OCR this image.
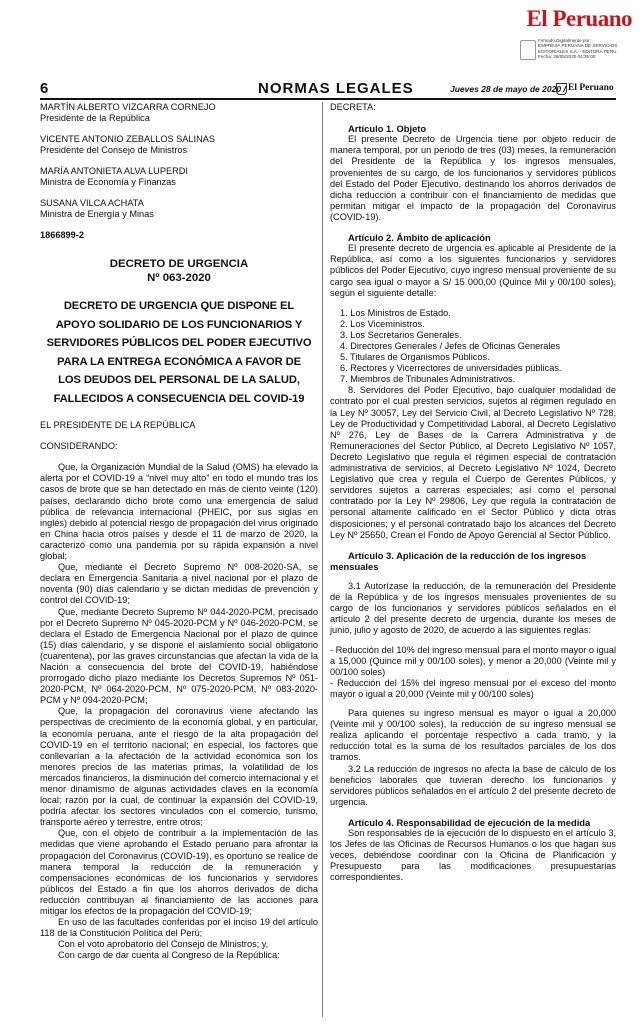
El Peruano
Firmado Digitalmente por:
EMPRESA PERUANA DE SERVICIOS
EDITORIALES S.A. - EDITORA PERU
Fecha: 28/05/2020 04:35:00
6	NORMAS LEGALES	Jueves 28 de mayo de 2020 / El Peruano

MARTÍN ALBERTO VIZCARRA CORNEJO

Presidente de la República

VICENTE ANTONIO ZEBALLOS SALINAS

Presidente del Consejo de Ministros

MARÍA ANTONIETA ALVA LUPERDI

Ministra de Economía y Finanzas

SUSANA VILCA ACHATA

Ministra de Energía y Minas

1866899-2

DECRETO DE URGENCIA

Nº 063-2020

DECRETO DE URGENCIA QUE DISPONE EL

APOYO SOLIDARIO DE LOS FUNCIONARIOS Y

SERVIDORES PÚBLICOS DEL PODER EJECUTIVO

PARA LA ENTREGA ECONÓMICA A FAVOR DE

LOS DEUDOS DEL PERSONAL DE LA SALUD,

FALLECIDOS A CONSECUENCIA DEL COVID-19

EL PRESIDENTE DE LA REPÚBLICA

CONSIDERANDO:

Que, la Organización Mundial de la Salud (OMS) ha elevado la alerta por el COVID-19 a “nivel muy alto” en todo el mundo tras los casos de brote que se han detectado en más de ciento veinte (120) países, declarando dicho brote como una emergencia de salud pública de relevancia internacional (PHEIC, por sus siglas en inglés) debido al potencial riesgo de propagación del virus originado en China hacia otros países y desde el 11 de marzo de 2020, la caracterizó como una pandemia por su rápida expansión a nivel global;

Que, mediante el Decreto Supremo Nº 008-2020-SA, se declara en Emergencia Sanitaria a nivel nacional por el plazo de noventa (90) días calendario y se dictan medidas de prevención y control del COVID-19;

Que, mediante Decreto Supremo Nº 044-2020-PCM, precisado por el Decreto Supremo Nº 045-2020-PCM y Nº 046-2020-PCM, se declara el Estado de Emergencia Nacional por el plazo de quince (15) días calendario, y se dispone el aislamiento social obligatorio (cuarentena), por las graves circunstancias que afectan la vida de la Nación a consecuencia del brote del COVID-19, habiéndose prorrogado dicho plazo mediante los Decretos Supremos Nº 051-2020-PCM, Nº 064-2020-PCM, Nº 075-2020-PCM, Nº 083-2020-PCM y Nº 094-2020-PCM;

Que, la propagación del coronavirus viene afectando las perspectivas de crecimiento de la economía global, y en particular, la economía peruana, ante el riesgo de la alta propagación del COVID-19 en el territorio nacional; en especial, los factores que conllevarían a la afectación de la actividad económica son los menores precios de las materias primas, la volatilidad de los mercados financieros, la disminución del comercio internacional y el menor dinamismo de algunas actividades claves en la economía local; razón por la cual, de continuar la expansión del COVID-19, podría afectar los sectores vinculados con el comercio, turismo, transporte aéreo y terrestre, entre otros;

Que, con el objeto de contribuir a la implementación de las medidas que viene aprobando el Estado peruano para afrontar la propagación del Coronavirus (COVID-19), es oportuno se realice de manera temporal la reducción de la remuneración y compensaciones económicas de los funcionarios y servidores públicos del Estado a fin que los ahorros derivados de dicha reducción contribuyan al financiamiento de las acciones para mitigar los efectos de la propagación del COVID-19;

En uso de las facultades conferidas por el inciso 19 del artículo 118 de la Constitución Política del Perú;

Con el voto aprobatorio del Consejo de Ministros; y,

Con cargo de dar cuenta al Congreso de la República:

DECRETA:

Artículo 1. Objeto

El presente Decreto de Urgencia tiene por objeto reducir de manera temporal, por un periodo de tres (03) meses, la remuneración del Presidente de la República y los ingresos mensuales, provenientes de su cargo, de los funcionarios y servidores públicos del Estado del Poder Ejecutivo, destinando los ahorros derivados de dicha reducción a contribuir con el financiamiento de medidas que permitan mitigar el impacto de la propagación del Coronavirus (COVID-19).

Artículo 2. Ámbito de aplicación

El presente decreto de urgencia es aplicable al Presidente de la República, así como a los siguientes funcionarios y servidores públicos del Poder Ejecutivo, cuyo ingreso mensual proveniente de su cargo sea igual o mayor a S/ 15 000,00 (Quince Mil y 00/100 soles), según el siguiente detalle:

1. Los Ministros de Estado.

2. Los Viceministros.

3. Los Secretarios Generales.

4. Directores Generales / Jefes de Oficinas Generales

5. Titulares de Organismos Públicos.

6. Rectores y Vicerrectores de universidades públicas.

7. Miembros de Tribunales Administrativos.

8. Servidores del Poder Ejecutivo, bajo cualquier modalidad de contrato por el cual presten servicios, sujetos al régimen regulado en la Ley Nº 30057, Ley del Servicio Civil, al Decreto Legislativo Nº 728, Ley de Productividad y Competitividad Laboral, al Decreto Legislativo Nº 276, Ley de Bases de la Carrera Administrativa y de Remuneraciones del Sector Público, al Decreto Legislativo Nº 1057, Decreto Legislativo que regula el régimen especial de contratación administrativa de servicios, al Decreto Legislativo Nº 1024, Decreto Legislativo que crea y regula el Cuerpo de Gerentes Públicos, y servidores sujetos a carreras especiales; así como el personal contratado por la Ley Nº 29806, Ley que regula la contratación de personal altamente calificado en el Sector Público y dicta otras disposiciones; y el personal contratado bajo los alcances del Decreto Ley Nº 25650, Crean el Fondo de Apoyo Gerencial al Sector Público.

Artículo 3. Aplicación de la reducción de los ingresos mensuales

3.1 Autorízase la reducción, de la remuneración del Presidente de la República y de los ingresos mensuales provenientes de su cargo de los funcionarios y servidores públicos señalados en el artículo 2 del presente decreto de urgencia, durante los meses de junio, julio y agosto de 2020, de acuerdo a las siguientes reglas:

- Reducción del 10% del ingreso mensual para el monto mayor o igual a 15,000 (Quince mil y 00/100 soles), y menor a 20,000 (Veinte mil y 00/100 soles)

- Reducción del 15% del ingreso mensual por el exceso del monto mayor o igual a 20,000 (Veinte mil y 00/100 soles)

Para quienes su ingreso mensual es mayor o igual a 20,000 (Veinte mil y 00/100 soles), la reducción de su ingreso mensual se realiza aplicando el porcentaje respectivo a cada tramo, y la reducción total es la suma de los resultados parciales de los dos tramos.

3.2 La reducción de ingresos no afecta la base de cálculo de los beneficios laborales que tuvieran derecho los funcionarios y servidores públicos señalados en el artículo 2 del presente decreto de urgencia.

Artículo 4. Responsabilidad de ejecución de la medida

Son responsables de la ejecución de lo dispuesto en el artículo 3, los Jefes de las Oficinas de Recursos Humanos o los que hagan sus veces, debiéndose coordinar con la Oficina de Planificación y Presupuesto para las modificaciones presupuestarias correspondientes.
